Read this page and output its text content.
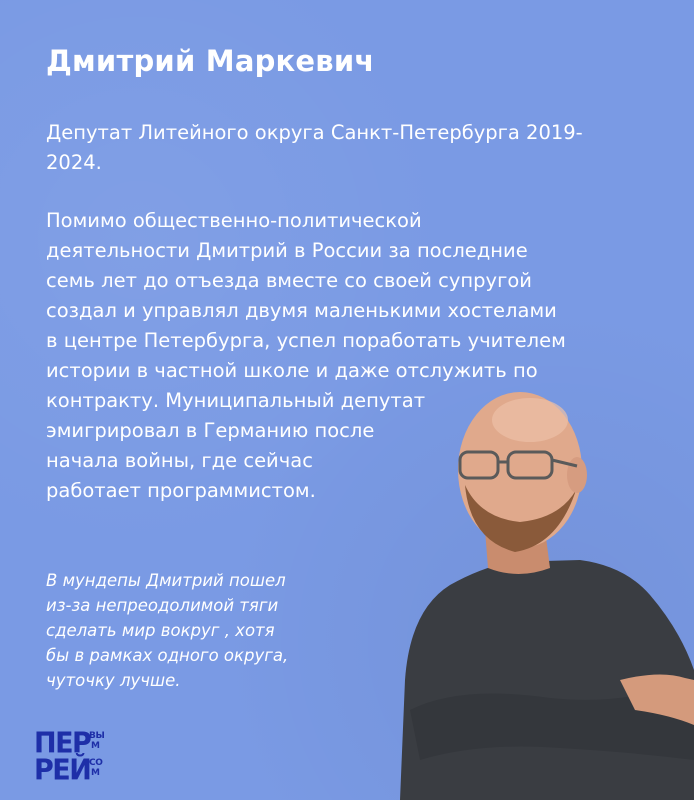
Дмитрий Маркевич

Депутат Литейного округа Санкт-Петербурга 2019-2024.

Помимо общественно-политической
деятельности Дмитрий в России за последние
семь лет до отъезда вместе со своей супругой
создал и управлял двумя маленькими хостелами
в центре Петербурга, успел поработать учителем
истории в частной школе и даже отслужить по
контракту. Муниципальный депутат
эмигрировал в Германию после
начала войны, где сейчас
работает программистом.

В мундепы Дмитрий пошел
из-за непреодолимой тяги
сделать мир вокруг , хотя
бы в рамках одного округа,
чуточку лучше.

ПЕР
ВЫ
М
РЕЙ
СО
М
